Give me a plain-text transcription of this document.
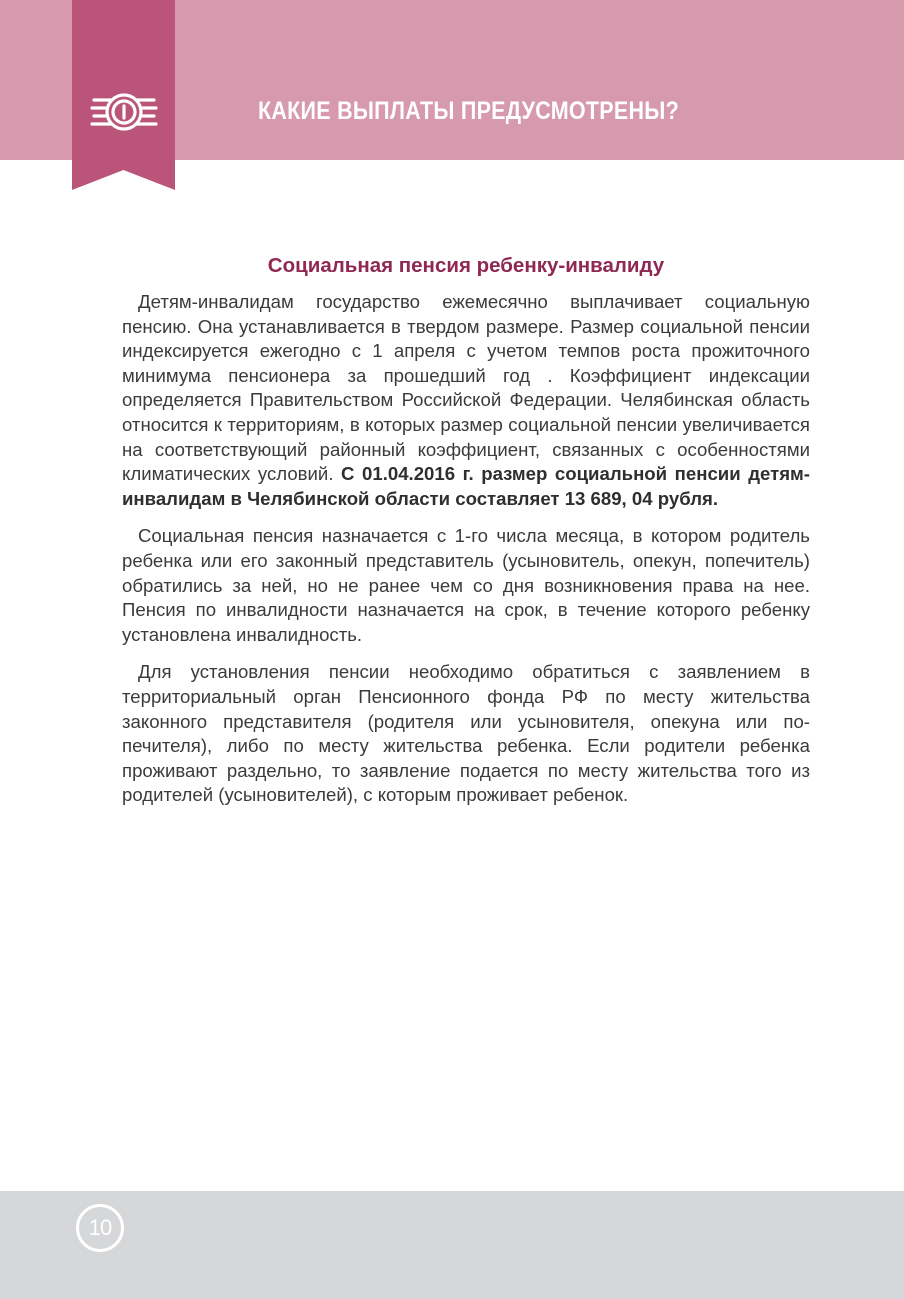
КАКИЕ ВЫПЛАТЫ ПРЕДУСМОТРЕНЫ?
Социальная пенсия ребенку-инвалиду

Детям-инвалидам государство ежемесячно выплачивает социальную пенсию. Она устанавливается в твердом размере. Размер социальной пенсии индексируется ежегодно с 1 апреля с учетом темпов роста прожиточного минимума пенсионера за прошедший год . Коэффициент индексации определяется Правительством Российской Федерации. Челябинская область относится к территориям, в которых размер социальной пенсии увеличивается на соответствующий районный коэффициент, связанных с особенностями климатических условий. С 01.04.2016 г. размер социальной пенсии детям-инвалидам в Челябинской области составляет 13 689, 04 рубля.

Социальная пенсия назначается с 1-го числа месяца, в котором родитель ребенка или его законный представитель (усыновитель, опекун, попечитель) обратились за ней, но не ранее чем со дня возникновения права на нее. Пенсия по инвалидности назначается на срок, в течение которого ребенку установлена инвалидность.

Для установления пенсии необходимо обратиться с заявлением в территориальный орган Пенсионного фонда РФ по месту жительства законного представителя (родителя или усыновителя, опекуна или попечителя), либо по месту жительства ребенка. Если родители ребенка проживают раздельно, то заявление подается по месту жительства того из родителей (усыновителей), с которым проживает ребенок.

10
